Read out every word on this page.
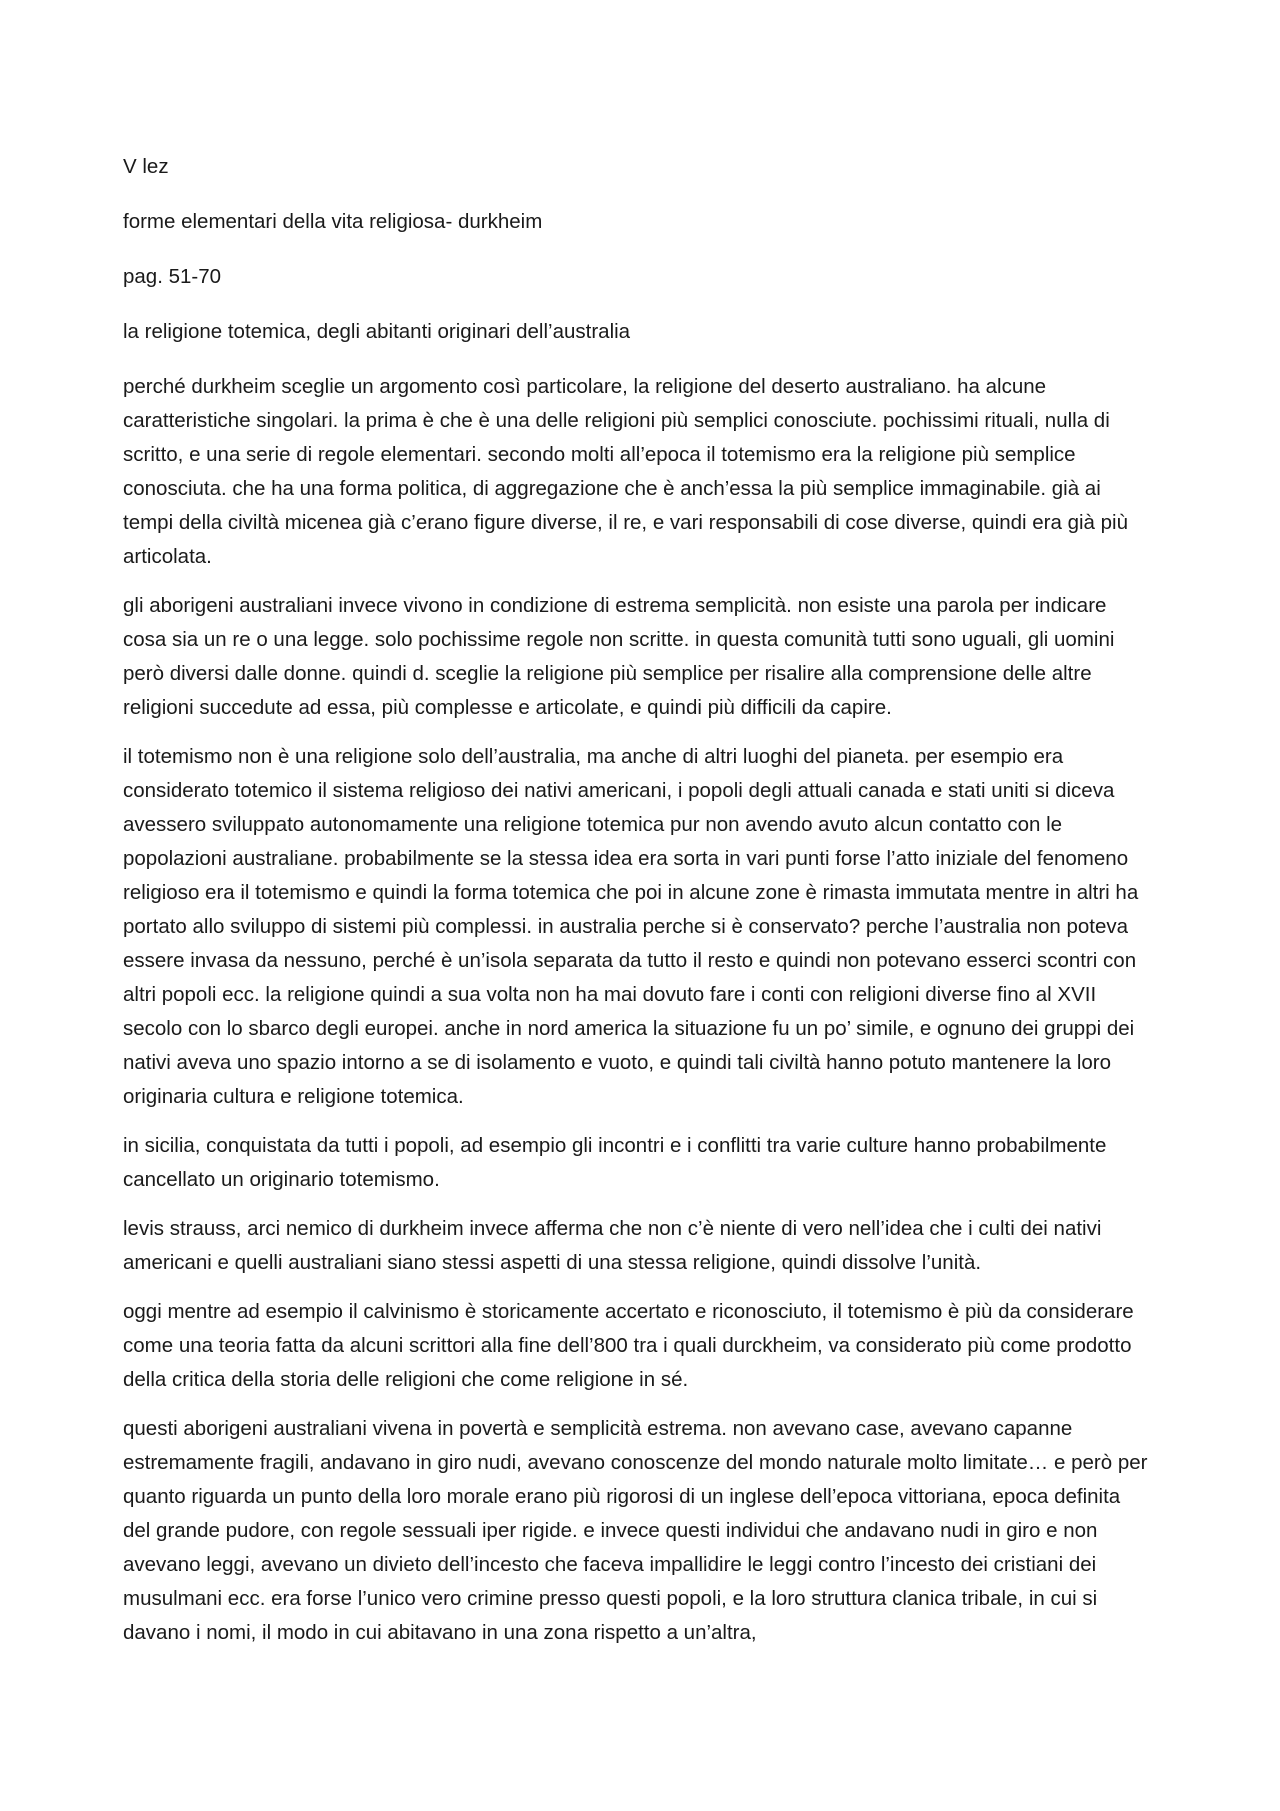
V lez

forme elementari della vita religiosa- durkheim

pag. 51-70

la religione totemica, degli abitanti originari dell’australia

perché durkheim sceglie un argomento così particolare, la religione del deserto australiano. ha alcune caratteristiche singolari. la prima è che è una delle religioni più semplici conosciute. pochissimi rituali, nulla di scritto, e una serie di regole elementari. secondo molti all’epoca il totemismo era la religione più semplice conosciuta. che ha una forma politica, di aggregazione che è anch’essa la più semplice immaginabile. già ai tempi della civiltà micenea già c’erano figure diverse, il re, e vari responsabili di cose diverse, quindi era già più articolata.

gli aborigeni australiani invece vivono in condizione di estrema semplicità. non esiste una parola per indicare cosa sia un re o una legge. solo pochissime regole non scritte. in questa comunità tutti sono uguali, gli uomini però diversi dalle donne. quindi d. sceglie la religione più semplice per risalire alla comprensione delle altre religioni succedute ad essa, più complesse e articolate, e quindi più difficili da capire.

il totemismo non è una religione solo dell’australia, ma anche di altri luoghi del pianeta. per esempio era considerato totemico il sistema religioso dei nativi americani, i popoli degli attuali canada e stati uniti si diceva avessero sviluppato autonomamente una religione totemica pur non avendo avuto alcun contatto con le popolazioni australiane. probabilmente se la stessa idea era sorta in vari punti forse l’atto iniziale del fenomeno religioso era il totemismo e quindi la forma totemica che poi in alcune zone è rimasta immutata mentre in altri ha portato allo sviluppo di sistemi più complessi. in australia perche si è conservato? perche l’australia non poteva essere invasa da nessuno, perché è un’isola separata da tutto il resto e quindi non potevano esserci scontri con altri popoli ecc. la religione quindi a sua volta non ha mai dovuto fare i conti con religioni diverse fino al XVII secolo con lo sbarco degli europei. anche in nord america la situazione fu un po’ simile, e ognuno dei gruppi dei nativi aveva uno spazio intorno a se di isolamento e vuoto, e quindi tali civiltà hanno potuto mantenere la loro originaria cultura e religione totemica.

in sicilia, conquistata da tutti i popoli, ad esempio gli incontri e i conflitti tra varie culture hanno probabilmente cancellato un originario totemismo.

levis strauss, arci nemico di durkheim invece afferma che non c’è niente di vero nell’idea che i culti dei nativi americani e quelli australiani siano stessi aspetti di una stessa religione, quindi dissolve l’unità.

oggi mentre ad esempio il calvinismo è storicamente accertato e riconosciuto, il totemismo è più da considerare come una teoria fatta da alcuni scrittori alla fine dell’800 tra i quali durckheim, va considerato più come prodotto della critica della storia delle religioni che come religione in sé.

questi aborigeni australiani vivena in povertà e semplicità estrema. non avevano case, avevano capanne estremamente fragili, andavano in giro nudi, avevano conoscenze del mondo naturale molto limitate… e però per quanto riguarda un punto della loro morale erano più rigorosi di un inglese dell’epoca vittoriana, epoca definita del grande pudore, con regole sessuali iper rigide. e invece questi individui che andavano nudi in giro e non avevano leggi, avevano un divieto dell’incesto che faceva impallidire le leggi contro l’incesto dei cristiani dei musulmani ecc. era forse l’unico vero crimine presso questi popoli, e la loro struttura clanica tribale, in cui si davano i nomi, il modo in cui abitavano in una zona rispetto a un’altra,
